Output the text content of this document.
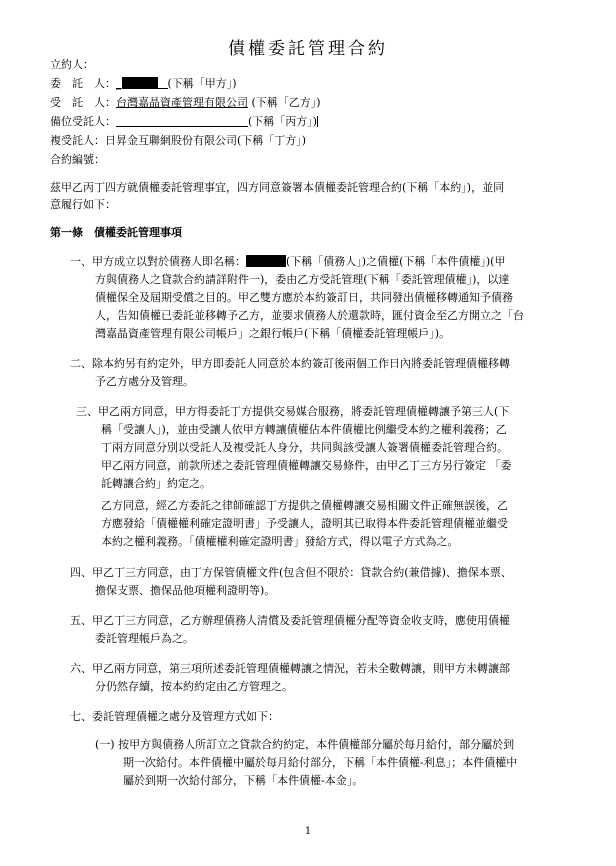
債權委託管理合約
立約人：
委　託　人：_	(下稱「甲方」)
受　託　人：台灣嘉晶資產管理有限公司 (下稱「乙方」)
備位受託人：	(下稱「丙方」)
複受託人：日昇金互聯網股份有限公司(下稱「丁方」)
合約編號：
茲甲乙丙丁四方就債權委託管理事宜，四方同意簽署本債權委託管理合約(下稱「本約」)，並同
意履行如下：
第一條　債權委託管理事項
一、甲方成立以對於債務人即名稱：	(下稱「債務人」)之債權(下稱「本件債權」)(甲
方與債務人之貸款合約請詳附件一)，委由乙方受託管理(下稱「委託管理債權」)，以達
債權保全及屆期受償之目的。甲乙雙方應於本約簽訂日，共同發出債權移轉通知予債務
人，告知債權已委託並移轉予乙方，並要求債務人於還款時，匯付資金至乙方開立之「台
灣嘉晶資產管理有限公司帳戶」之銀行帳戶(下稱「債權委託管理帳戶」)。
二、除本約另有約定外，甲方即委託人同意於本約簽訂後兩個工作日內將委託管理債權移轉
予乙方處分及管理。
三、甲乙兩方同意，甲方得委託丁方提供交易媒合服務，將委託管理債權轉讓予第三人(下
稱「受讓人」)，並由受讓人依甲方轉讓債權佔本件債權比例繼受本約之權利義務；乙
丁兩方同意分別以受託人及複受託人身分，共同與該受讓人簽署債權委託管理合約。
甲乙兩方同意，前款所述之委託管理債權轉讓交易條件，由甲乙丁三方另行簽定 「委
託轉讓合約」約定之。
乙方同意，經乙方委託之律師確認丁方提供之債權轉讓交易相關文件正確無誤後，乙
方應發給「債權權利確定證明書」予受讓人，證明其已取得本件委託管理債權並繼受
本約之權利義務。「債權權利確定證明書」發給方式，得以電子方式為之。
四、甲乙丁三方同意，由丁方保管債權文件(包含但不限於：貸款合約(兼借據)、擔保本票、
擔保支票、擔保品他項權利證明等)。
五、甲乙丁三方同意，乙方辦理債務人清償及委託管理債權分配等資金收支時，應使用債權
委託管理帳戶為之。
六、甲乙兩方同意，第三項所述委託管理債權轉讓之情況，若未全數轉讓，則甲方未轉讓部
分仍然存續，按本約約定由乙方管理之。
七、委託管理債權之處分及管理方式如下：
(一) 按甲方與債務人所訂立之貸款合約約定，本件債權部分屬於每月給付，部分屬於到
期一次給付。本件債權中屬於每月給付部分，下稱「本件債權-利息」；本件債權中
屬於到期一次給付部分，下稱「本件債權-本金」。
1
